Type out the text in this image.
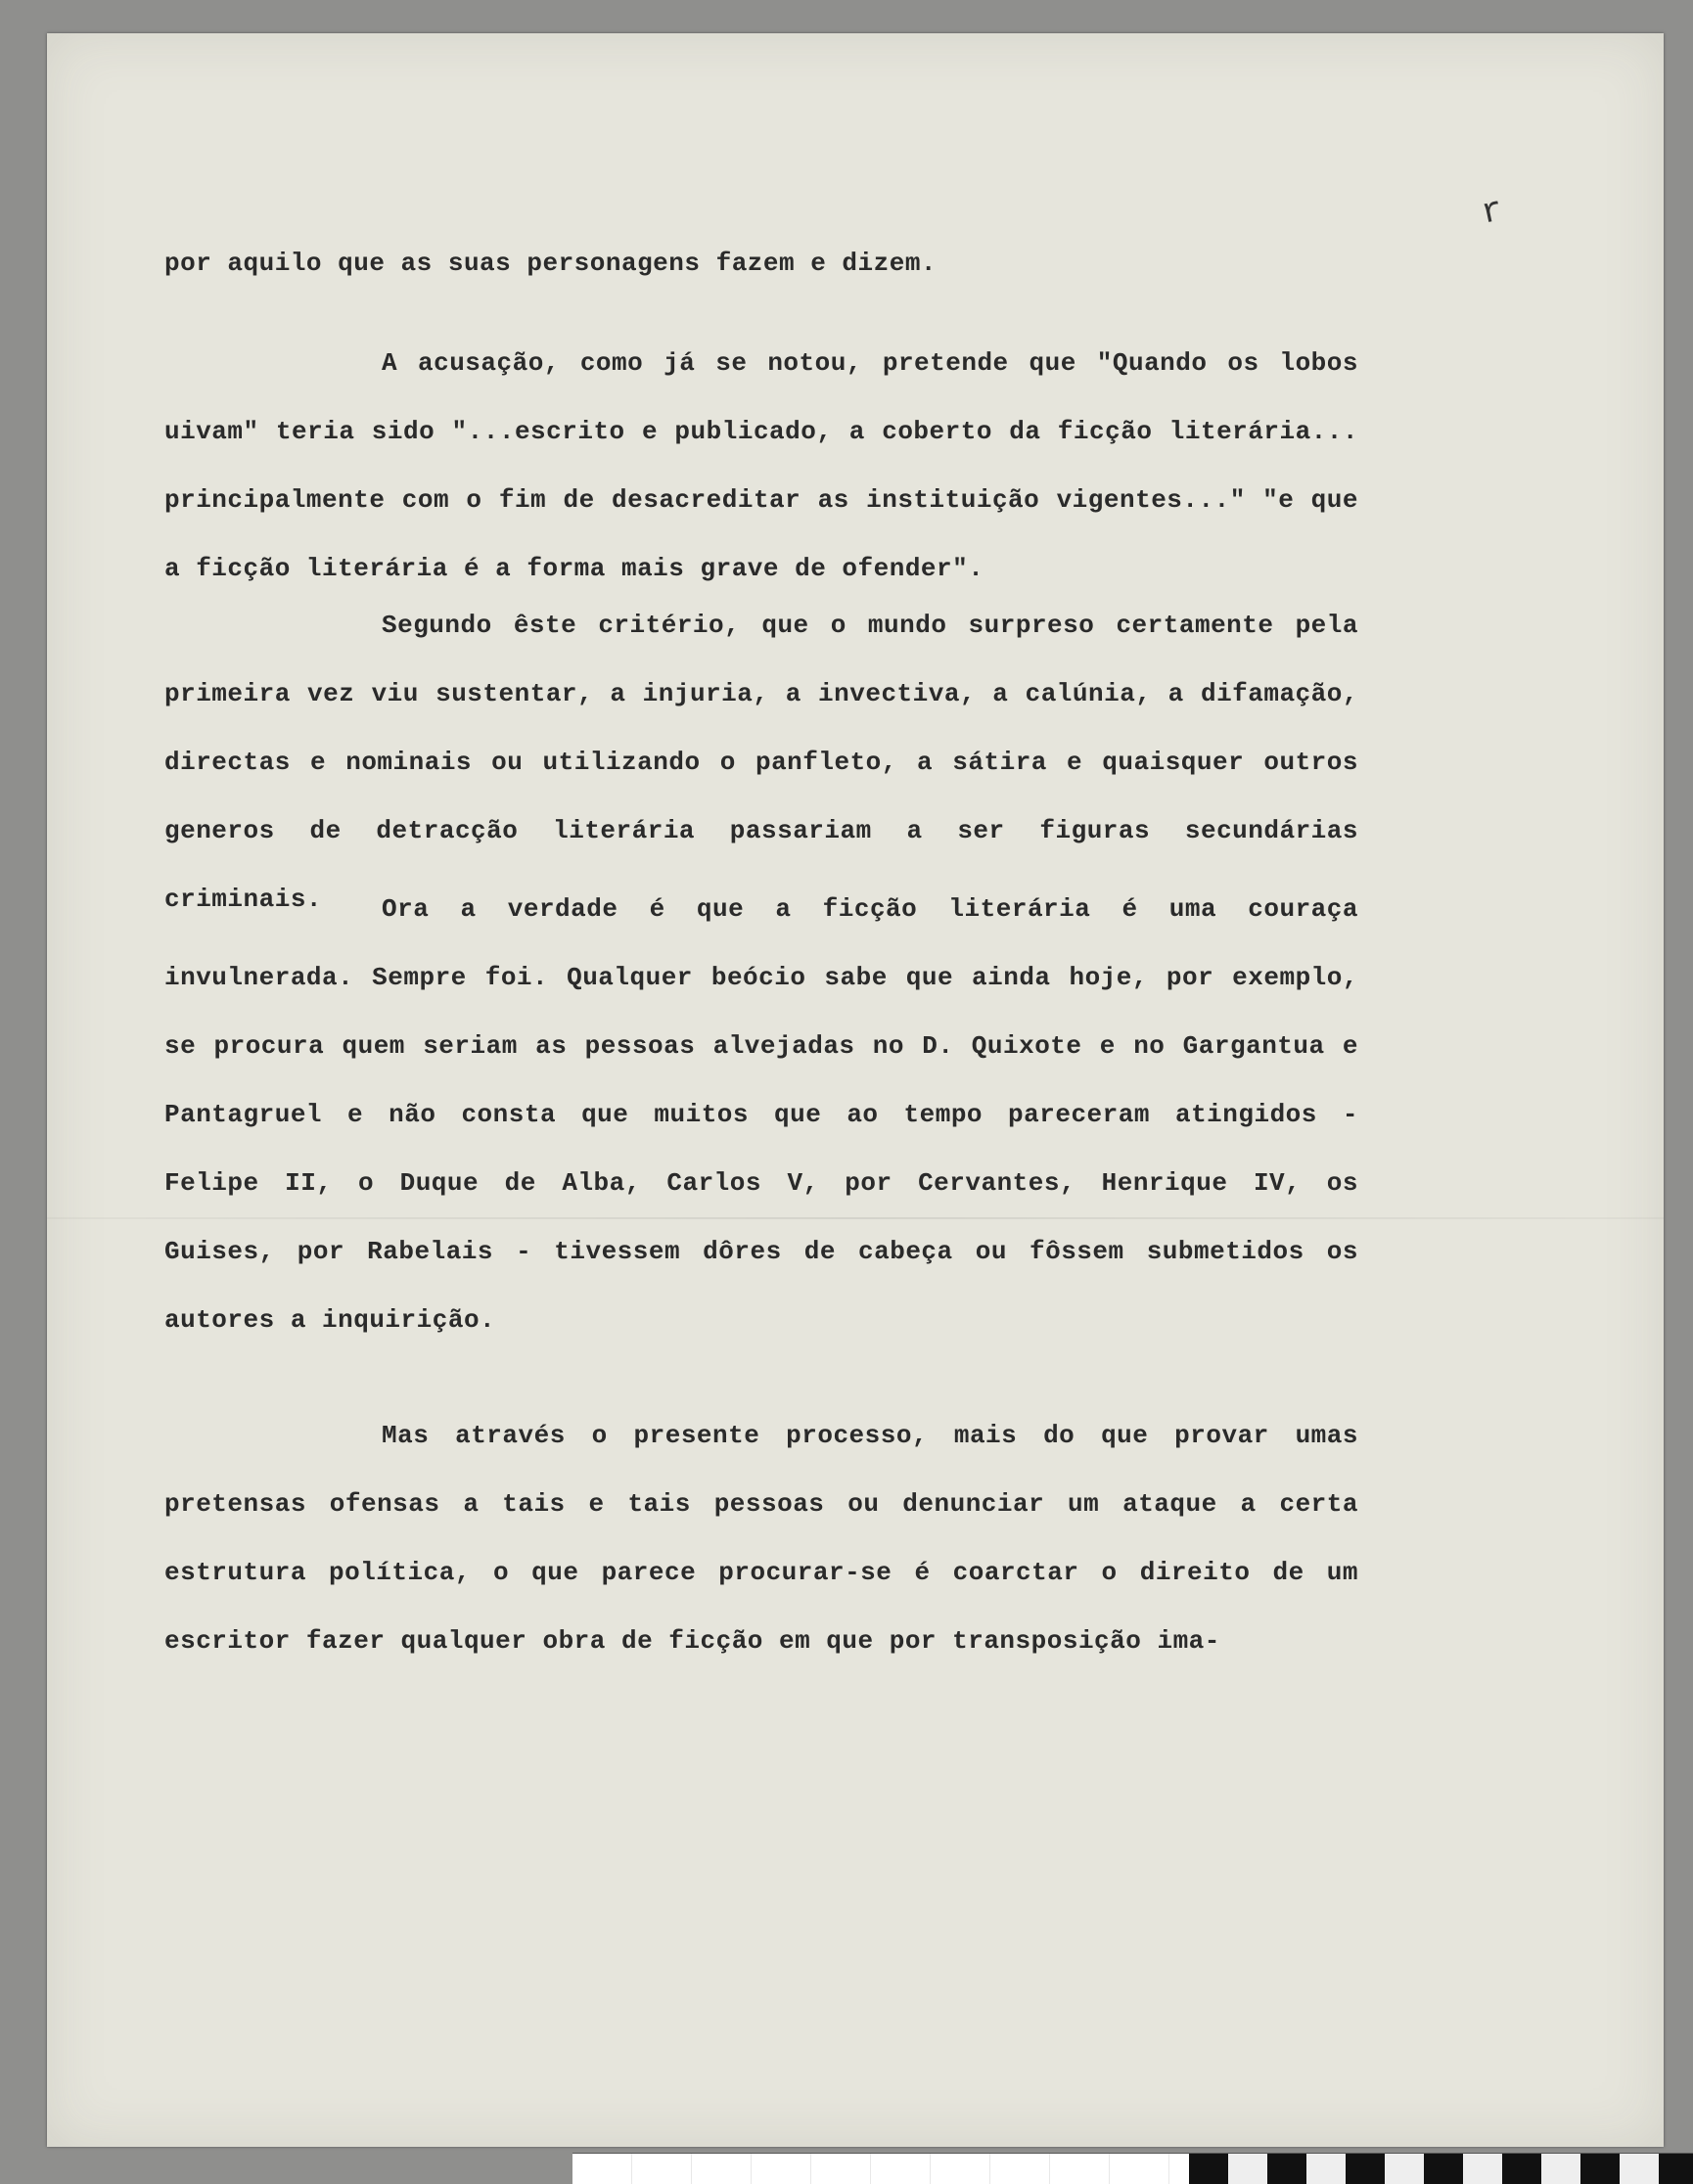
r

por aquilo que as suas personagens fazem e dizem.

A acusação, como já se notou, pretende que "Quando os lobos uivam" teria sido "...escrito e publicado, a coberto da ficção literária... principalmente com o fim de desacreditar as instituição vigentes..." "e que a ficção literária é a forma mais grave de ofender".

Segundo êste critério, que o mundo surpreso certamente pela primeira vez viu sustentar, a injuria, a invectiva, a calúnia, a difamação, directas e nominais ou utilizando o panfleto, a sátira e quaisquer outros generos de detracção literária passariam a ser figuras secundárias criminais.	Ora a verdade é que a ficção literária é uma couraça invulnerada. Sempre foi. Qualquer beócio sabe que ainda hoje, por exemplo, se procura quem seriam as pessoas alvejadas no D. Quixote e no Gargantua e Pantagruel e não consta que muitos que ao tempo pareceram atingidos - Felipe II, o Duque de Alba, Carlos V, por Cervantes, Henrique IV, os Guises, por Rabelais - tivessem dôres de cabeça ou fôssem submetidos os autores a inquirição.

Mas através o presente processo, mais do que provar umas pretensas ofensas a tais e tais pessoas ou denunciar um ataque a certa estrutura política, o que parece procurar-se é coarctar o direito de um escritor fazer qualquer obra de ficção em que por transposição ima-
